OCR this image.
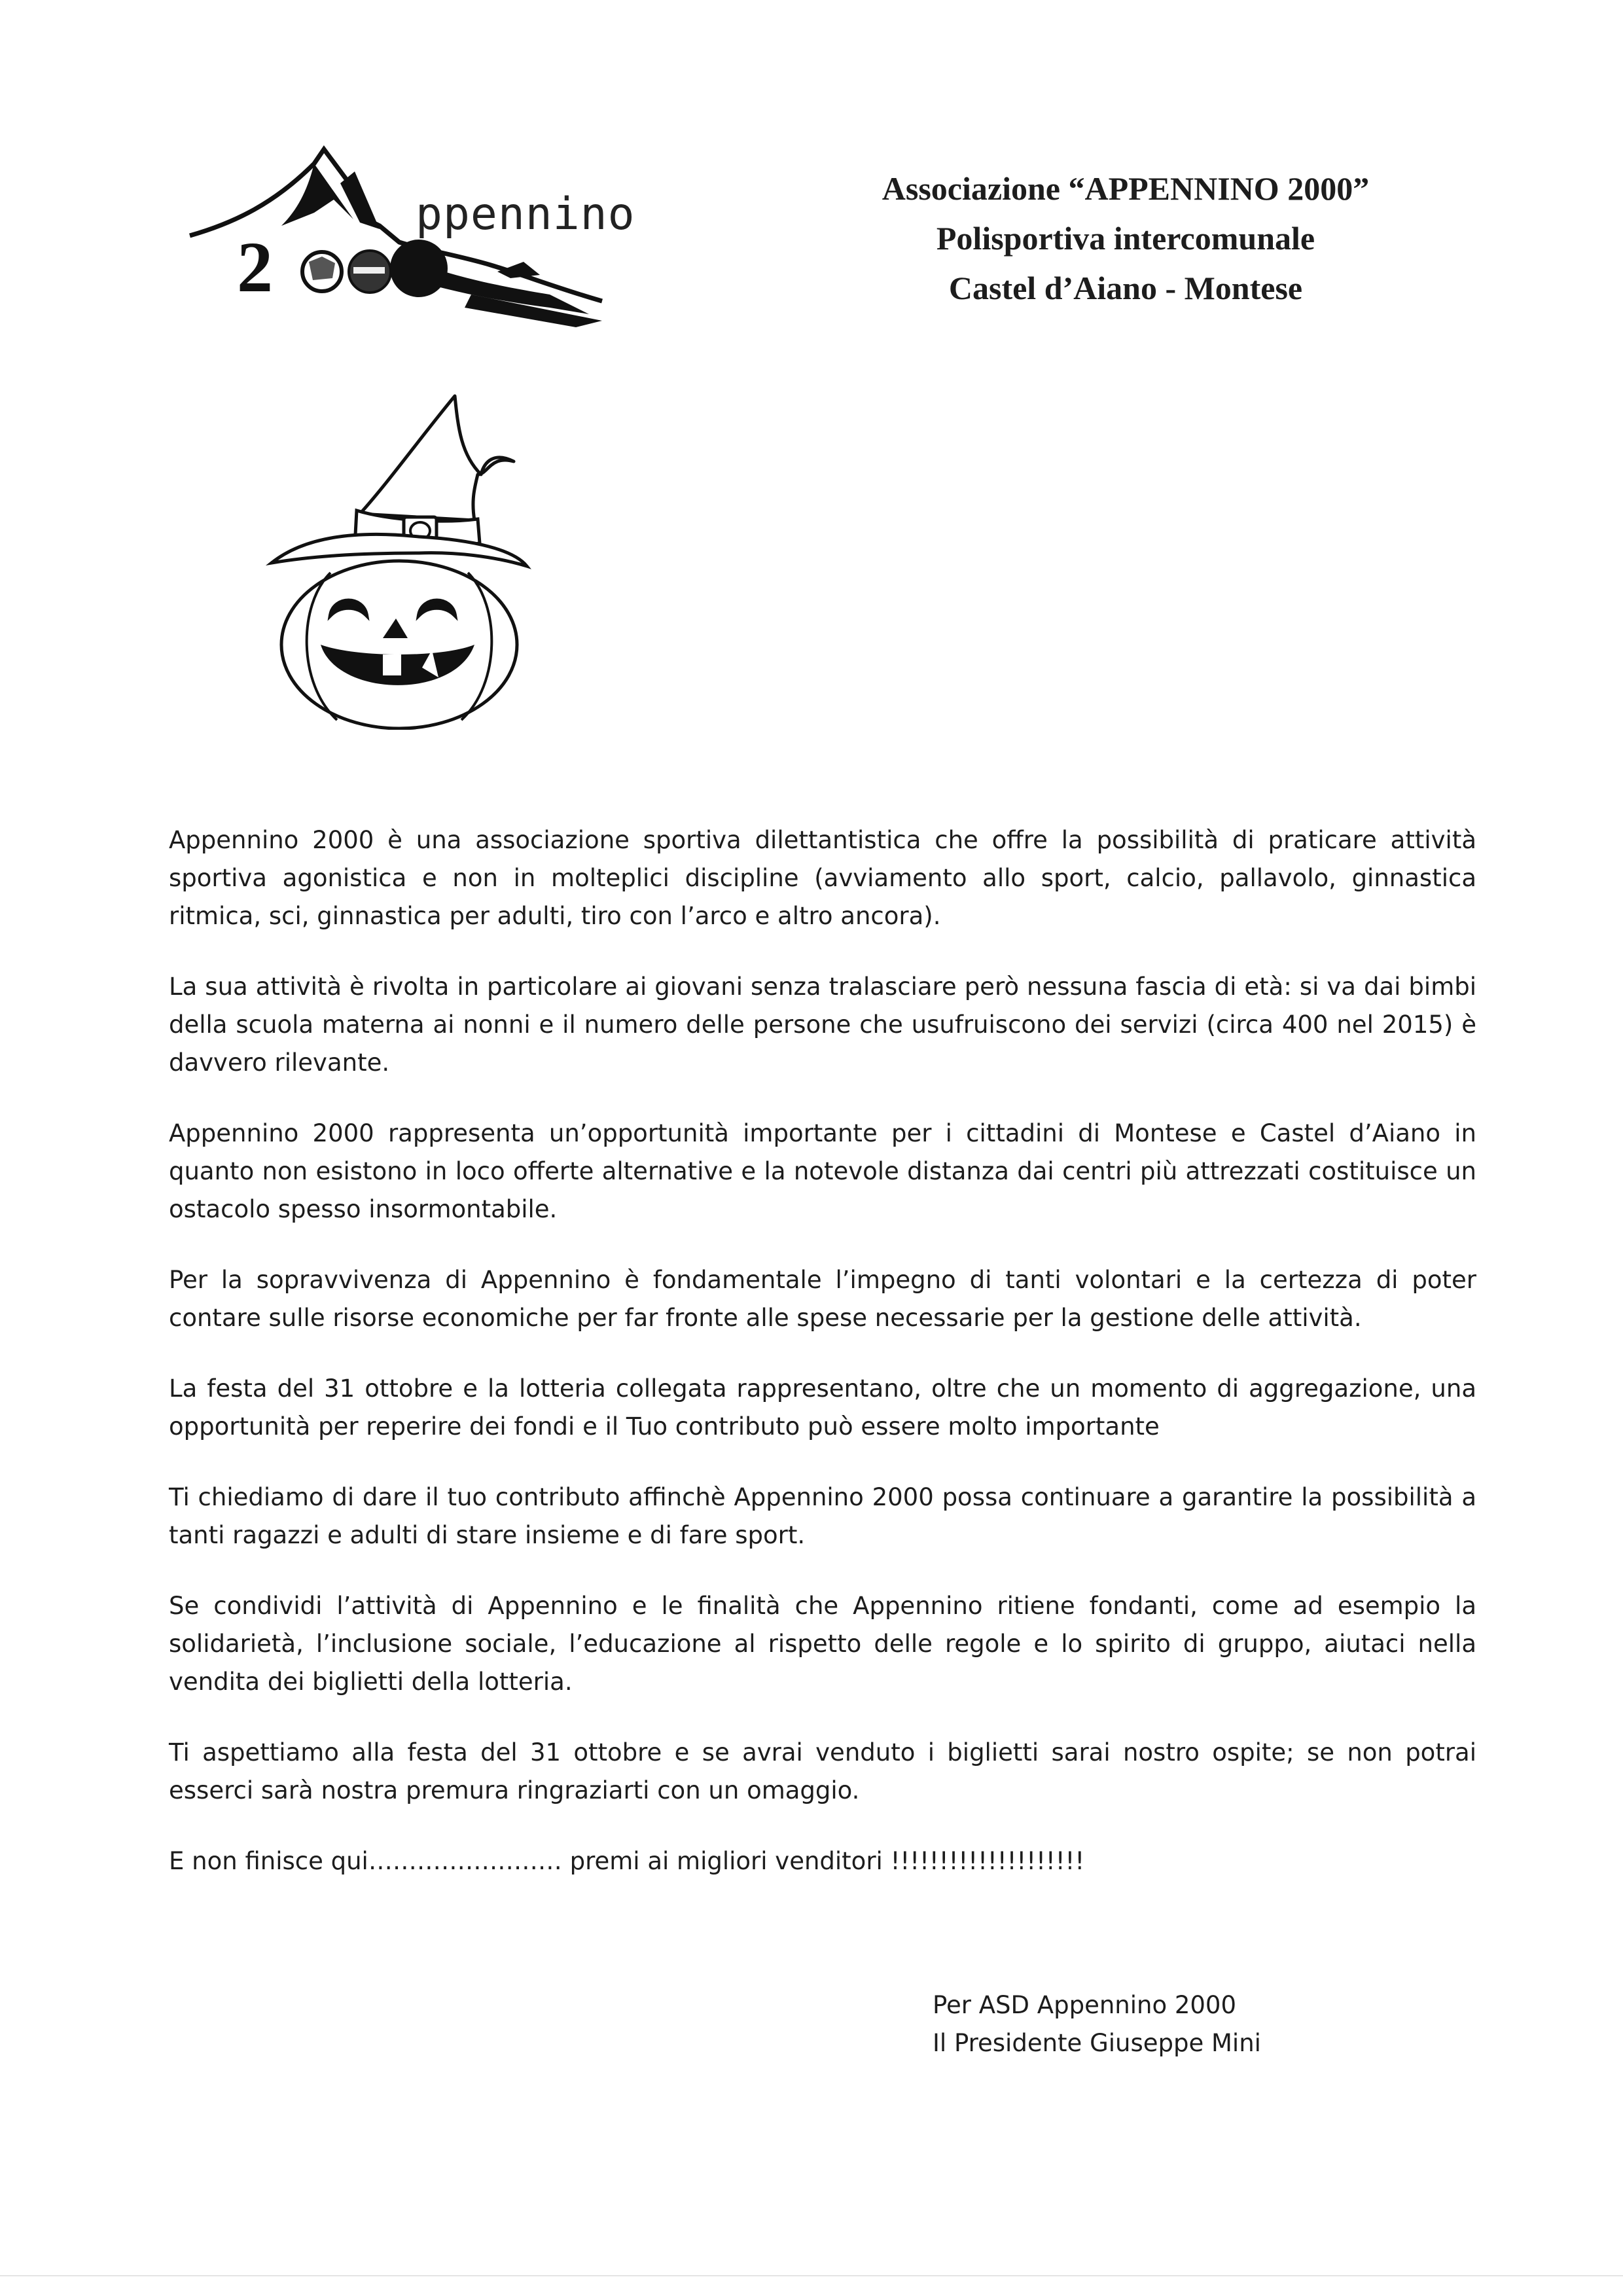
2
ppennino	Associazione “APPENNINO 2000”
Polisportiva intercomunale
Castel d’Aiano - Montese

Appennino 2000 è una associazione sportiva dilettantistica che offre la possibilità di praticare attività sportiva agonistica e non in molteplici discipline (avviamento allo sport, calcio, pallavolo, ginnastica ritmica, sci, ginnastica per adulti, tiro con l’arco e altro ancora).

La sua attività è rivolta in particolare ai giovani senza tralasciare però nessuna fascia di età: si va dai bimbi della scuola materna ai nonni e il numero delle persone che usufruiscono dei servizi (circa 400 nel 2015) è davvero rilevante.

Appennino 2000 rappresenta un’opportunità importante per i cittadini di Montese e Castel d’Aiano in quanto non esistono in loco offerte alternative e la notevole distanza dai centri più attrezzati costituisce un ostacolo spesso insormontabile.

Per la sopravvivenza di Appennino è fondamentale l’impegno di tanti volontari e la certezza di poter contare sulle risorse economiche per far fronte alle spese necessarie per la gestione delle attività.

La festa del 31 ottobre e la lotteria collegata rappresentano, oltre che un momento di aggregazione, una opportunità per reperire dei fondi e il Tuo contributo può essere molto importante

Ti chiediamo di dare il tuo contributo affinchè Appennino 2000 possa continuare a garantire la possibilità a tanti ragazzi e adulti di stare insieme e di fare sport.

Se condividi l’attività di Appennino e le finalità che Appennino ritiene fondanti, come ad esempio la solidarietà, l’inclusione sociale, l’educazione al rispetto delle regole e lo spirito di gruppo, aiutaci nella vendita dei biglietti della lotteria.

Ti aspettiamo alla festa del 31 ottobre e se avrai venduto i biglietti sarai nostro ospite; se non potrai esserci sarà nostra premura ringraziarti con un omaggio.

E non finisce qui…………………… premi ai migliori venditori !!!!!!!!!!!!!!!!!!!!

Per ASD Appennino 2000
Il Presidente Giuseppe Mini
